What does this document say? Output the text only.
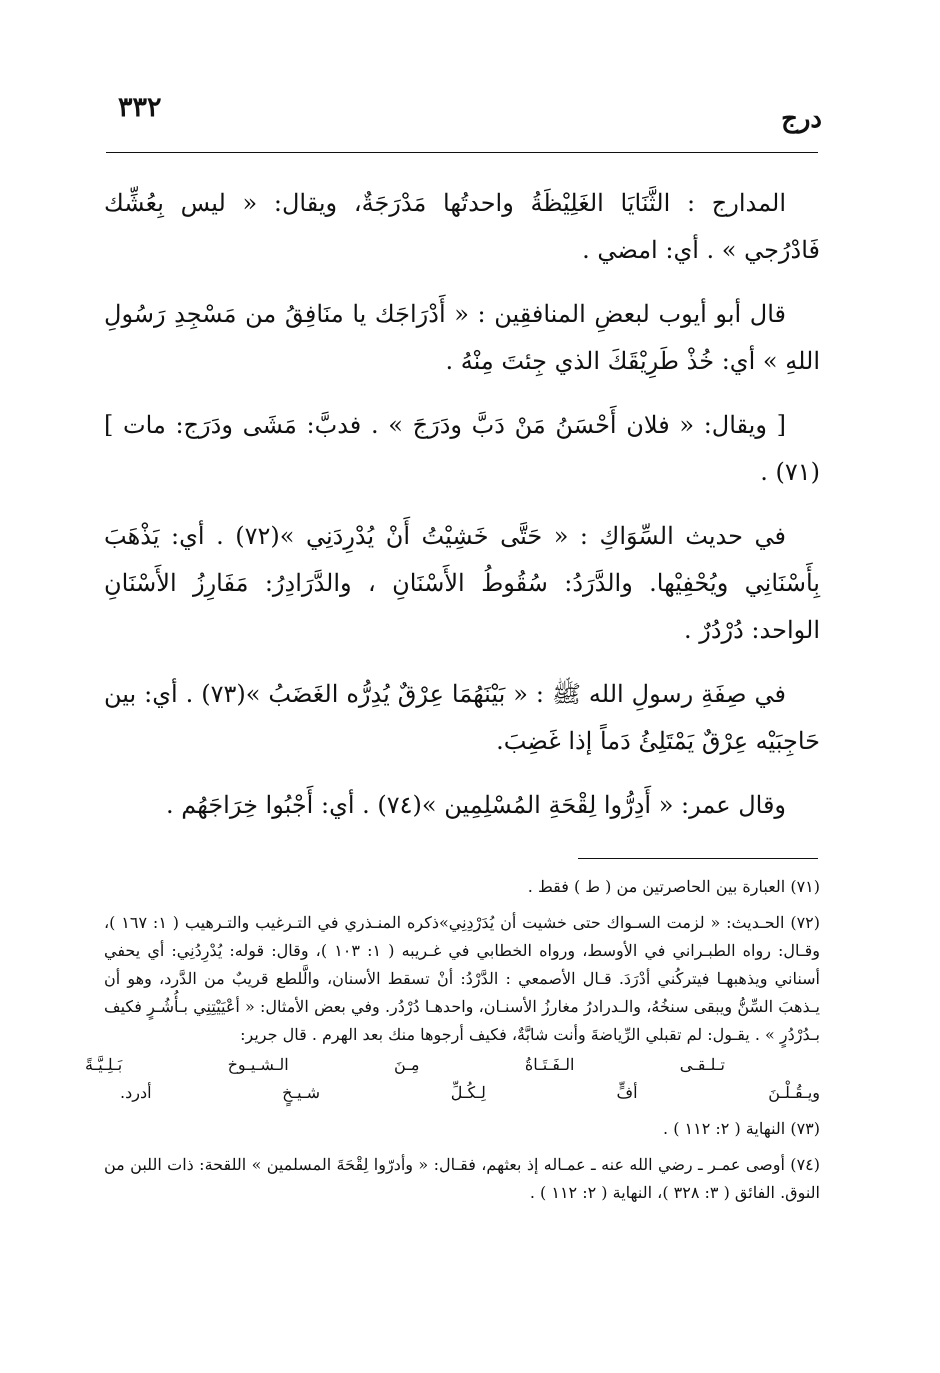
٣٣٢	درج

المدارج : الثَّنَايَا الغَلِيْظَةُ واحدتُها مَدْرَجَةٌ، ويقال: « ليس بِعُشِّك فَادْرُجي » . أي: امضي .

قال أبو أيوب لبعضِ المنافقِين : « أَدْرَاجَك يا منَافِقُ من مَسْجِدِ رَسُولِ اللهِ » أي: خُذْ طَرِيْقَكَ الذي جِئتَ مِنْهُ .

[ ويقال: « فلان أَحْسَنُ مَنْ دَبَّ ودَرَجَ » . فدبَّ: مَشَى ودَرَج: مات ](٧١) .

في حديث السِّوَاكِ : « حَتَّى خَشِيْتُ أَنْ يُدْرِدَنِي »(٧٢) . أي: يَذْهَبَ بِأَسْنَانِي ويُحْفِيْها. والدَّرَدُ: سُقُوطُ الأَسْنَانِ ، والدَّرَادِرُ: مَفَارِزُ الأَسْنَانِ الواحد: دُرْدُرٌ .

في صِفَةِ رسولِ الله ﷺ : « بَيْنَهُمَا عِرْقٌ يُدِرُّه الغَضَبُ »(٧٣) . أي: بين حَاجِبَيْه عِرْقٌ يَمْتَلِئُ دَماً إذا غَضِبَ.

وقال عمر: « أَدِرُّوا لِقْحَةِ المُسْلِمِين »(٧٤) . أي: أَجْبُوا خِرَاجَهُم .

(٧١) العبارة بين الحاصرتين من ( ط ) فقط .

(٧٢) الحـديث: « لزمت السـواك حتى خشيت أن يُدَرْدِنِي»ذكره المنـذري في التـرغيب والتـرهيب ( ١: ١٦٧ )، وقـال: رواه الطبـراني في الأوسط، ورواه الخطابي في غـريبه ( ١: ١٠٣ )، وقال: قوله: يُدْرِدُنِي: أي يحفي أسناني ويذهبهـا فيتركُني أدْرَدَ. قـال الأصمعي : الدَّرْدُ: أنْ تسقط الأسنان، والَّلطع قريبٌ من الدَّرد، وهو أن يـذهبَ السِّنُّ ويبقى سنخُهُ، والـدرادرُ مغارزُ الأسنـان، واحدهـا دُرْدُر. وفي بعض الأمثال: « أعْيَيْتِنِي بـأُشُـرٍ فكيف بـدُرْدُرٍ » . يقـول: لم تقبلي الرِّياضةَ وأنت شابَّةٌ، فكيف أرجوها منك بعد الهرم . قال جرير:

تـلـقـى
الـفَـتَـاةُ
مِـنَ
الـشـيـوخ
بَـلِـيَّـةً
ويـقُـلْـنَ
أفٍّ
لِـكُـلِّ
شـيـخٍ
أدرد.

(٧٣) النهاية ( ٢: ١١٢ ) .

(٧٤) أوصى عمـر ـ رضي الله عنه ـ عمـاله إذ بعثهم، فقـال: « وأدرّوا لِقْحَةَ المسلمين » اللقحة: ذات اللبن من النوق. الفائق ( ٣: ٣٢٨ )، النهاية ( ٢: ١١٢ ) .
